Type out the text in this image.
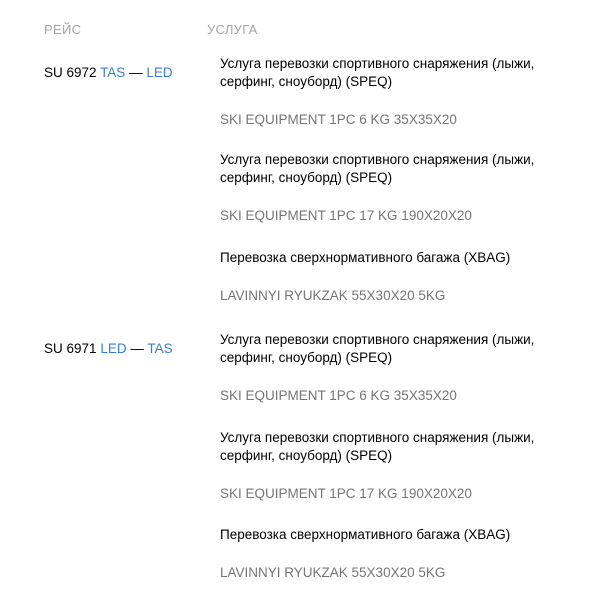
РЕЙС	УСЛУГА
SU 6972 TAS — LED
Услуга перевозки спортивного снаряжения (лыжи, серфинг, сноуборд) (SPEQ)
SKI EQUIPMENT 1PC 6 KG 35X35X20
Услуга перевозки спортивного снаряжения (лыжи, серфинг, сноуборд) (SPEQ)
SKI EQUIPMENT 1PC 17 KG 190X20X20
Перевозка сверхнормативного багажа (XBAG)
LAVINNYI RYUKZAK 55X30X20 5KG
SU 6971 LED — TAS
Услуга перевозки спортивного снаряжения (лыжи, серфинг, сноуборд) (SPEQ)
SKI EQUIPMENT 1PC 6 KG 35X35X20
Услуга перевозки спортивного снаряжения (лыжи, серфинг, сноуборд) (SPEQ)
SKI EQUIPMENT 1PC 17 KG 190X20X20
Перевозка сверхнормативного багажа (XBAG)
LAVINNYI RYUKZAK 55X30X20 5KG
